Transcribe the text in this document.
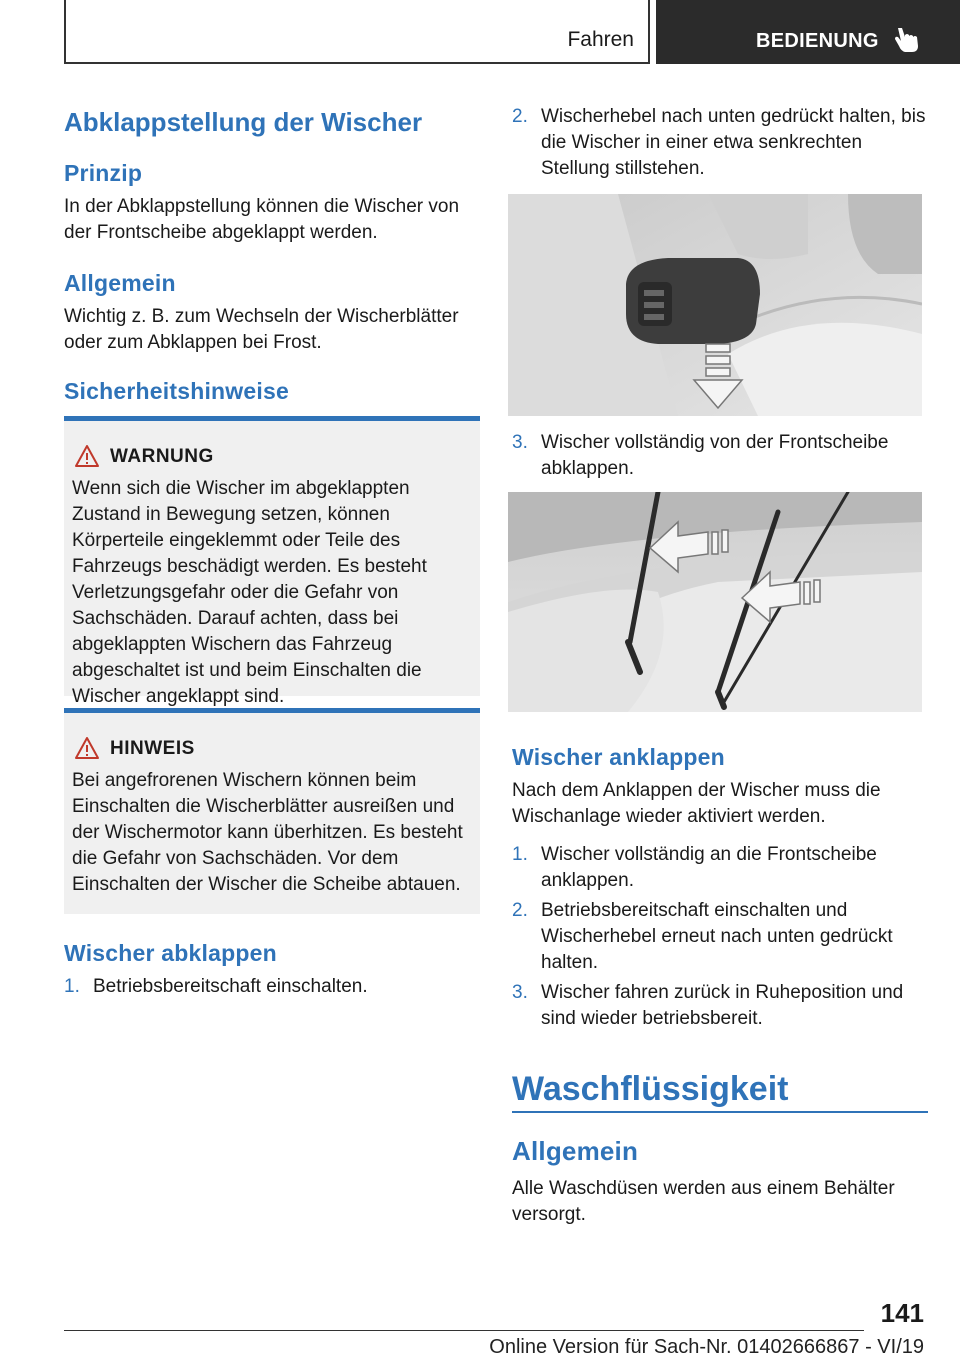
Fahren	BEDIENUNG
Abklappstellung der Wischer
Prinzip

In der Abklappstellung können die Wischer von der Frontscheibe abgeklappt werden.

Allgemein

Wichtig z. B. zum Wechseln der Wischerblätter oder zum Abklappen bei Frost.

Sicherheitshinweise
WARNUNG
Wenn sich die Wischer im abgeklappten Zustand in Bewegung setzen, können Körperteile eingeklemmt oder Teile des Fahrzeugs beschädigt werden. Es besteht Verletzungsgefahr oder die Gefahr von Sachschäden. Darauf achten, dass bei abgeklappten Wischern das Fahrzeug abgeschaltet ist und beim Einschalten die Wischer angeklappt sind.
HINWEIS
Bei angefrorenen Wischern können beim Einschalten die Wischerblätter ausreißen und der Wischermotor kann überhitzen. Es besteht die Gefahr von Sachschäden. Vor dem Einschalten der Wischer die Scheibe abtauen.
Wischer abklappen
1. Betriebsbereitschaft einschalten.
2. Wischerhebel nach unten gedrückt halten, bis die Wischer in einer etwa senkrechten Stellung stillstehen.
3. Wischer vollständig von der Frontscheibe abklappen.
Wischer anklappen

Nach dem Anklappen der Wischer muss die Wischanlage wieder aktiviert werden.

1. Wischer vollständig an die Frontscheibe anklappen.
2. Betriebsbereitschaft einschalten und Wischerhebel erneut nach unten gedrückt halten.
3. Wischer fahren zurück in Ruheposition und sind wieder betriebsbereit.
Waschflüssigkeit
Allgemein

Alle Waschdüsen werden aus einem Behälter versorgt.

141
Online Version für Sach-Nr. 01402666867 - VI/19
